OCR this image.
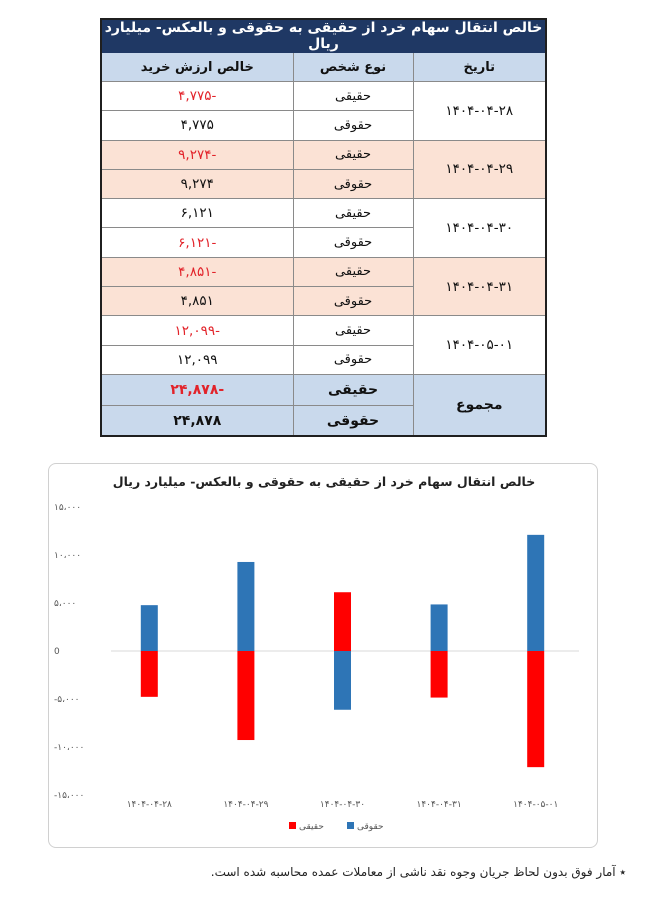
خالص انتقال سهام خرد از حقیقی به حقوقی و بالعکس- میلیارد ریال		
تاریخ	نوع شخص	خالص ارزش خرید
۱۴۰۴-۰۴-۲۸	حقیقی	-۴,۷۷۵
	حقوقی	۴,۷۷۵
۱۴۰۴-۰۴-۲۹	حقیقی	-۹,۲۷۴
	حقوقی	۹,۲۷۴
۱۴۰۴-۰۴-۳۰	حقیقی	۶,۱۲۱
	حقوقی	-۶,۱۲۱
۱۴۰۴-۰۴-۳۱	حقیقی	-۴,۸۵۱
	حقوقی	۴,۸۵۱
۱۴۰۴-۰۵-۰۱	حقیقی	-۱۲,۰۹۹
	حقوقی	۱۲,۰۹۹
مجموع	حقیقی	-۲۴,۸۷۸
	حقوقی	۲۴,۸۷۸
خالص انتقال سهام خرد از حقیقی به حقوقی و بالعکس- میلیارد ریال
۱۵،۰۰۰
۱۰،۰۰۰
۵،۰۰۰
0
-۵،۰۰۰
-۱۰،۰۰۰
-۱۵،۰۰۰
۱۴۰۴-۰۴-۲۸	۱۴۰۴-۰۴-۲۹	۱۴۰۴-۰۴-۳۰	۱۴۰۴-۰۴-۳۱	۱۴۰۴-۰۵-۰۱
حقیقی	حقوقی
٭ آمار فوق بدون لحاظ جریان وجوه نقد ناشی از معاملات عمده محاسبه شده است.
